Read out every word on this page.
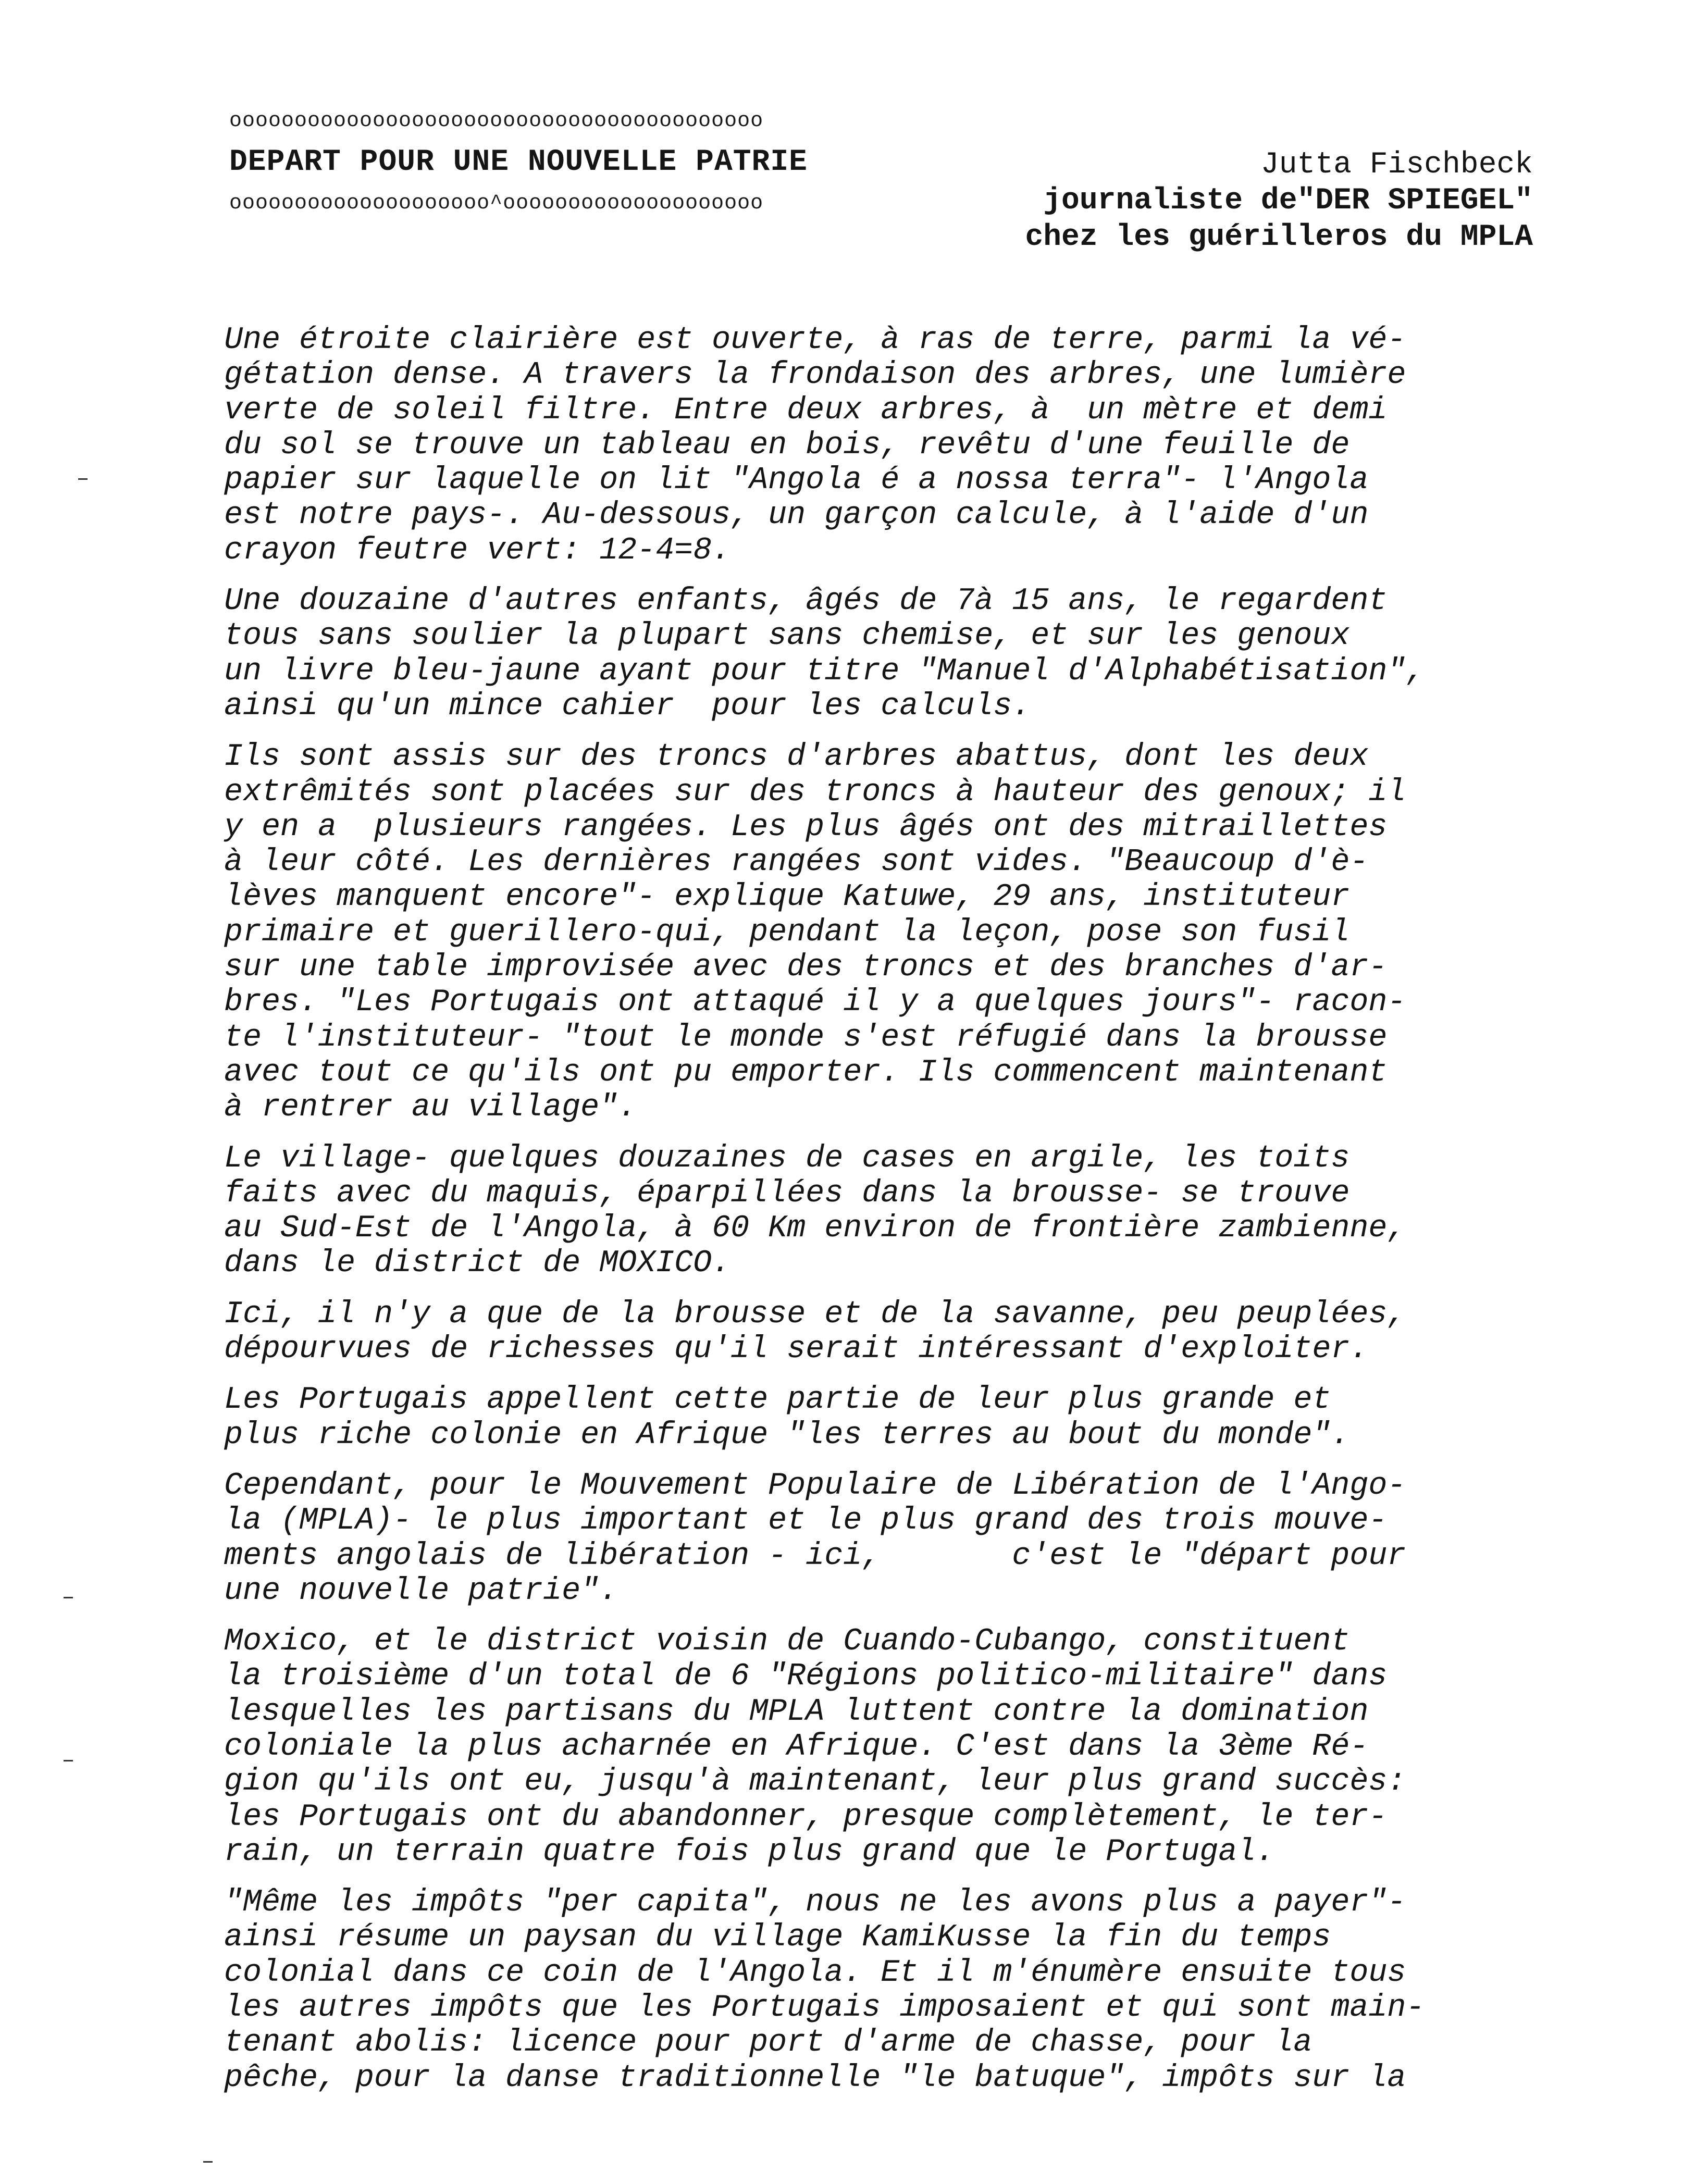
ooooooooooooooooooooooooooooooooooooooooo
DEPART POUR UNE NOUVELLE PATRIE
oooooooooooooooooooo^oooooooooooooooooooo
Jutta Fischbeck
journaliste de"DER SPIEGEL"
chez les guérilleros du MPLA
Une étroite clairière est ouverte, à ras de terre, parmi la vé-
gétation dense. A travers la frondaison des arbres, une lumière
verte de soleil filtre. Entre deux arbres, à  un mètre et demi
du sol se trouve un tableau en bois, revêtu d'une feuille de
papier sur laquelle on lit "Angola é a nossa terra"- l'Angola
est notre pays-. Au-dessous, un garçon calcule, à l'aide d'un
crayon feutre vert: 12-4=8.
Une douzaine d'autres enfants, âgés de 7à 15 ans, le regardent
tous sans soulier la plupart sans chemise, et sur les genoux
un livre bleu-jaune ayant pour titre "Manuel d'Alphabétisation",
ainsi qu'un mince cahier  pour les calculs.
Ils sont assis sur des troncs d'arbres abattus, dont les deux
extrêmités sont placées sur des troncs à hauteur des genoux; il
y en a  plusieurs rangées. Les plus âgés ont des mitraillettes
à leur côté. Les dernières rangées sont vides. "Beaucoup d'è-
lèves manquent encore"- explique Katuwe, 29 ans, instituteur
primaire et guerillero-qui, pendant la leçon, pose son fusil
sur une table improvisée avec des troncs et des branches d'ar-
bres. "Les Portugais ont attaqué il y a quelques jours"- racon-
te l'instituteur- "tout le monde s'est réfugié dans la brousse
avec tout ce qu'ils ont pu emporter. Ils commencent maintenant
à rentrer au village".
Le village- quelques douzaines de cases en argile, les toits
faits avec du maquis, éparpillées dans la brousse- se trouve
au Sud-Est de l'Angola, à 60 Km environ de frontière zambienne,
dans le district de MOXICO.
Ici, il n'y a que de la brousse et de la savanne, peu peuplées,
dépourvues de richesses qu'il serait intéressant d'exploiter.
Les Portugais appellent cette partie de leur plus grande et
plus riche colonie en Afrique "les terres au bout du monde".
Cependant, pour le Mouvement Populaire de Libération de l'Ango-
la (MPLA)- le plus important et le plus grand des trois mouve-
ments angolais de libération - ici,       c'est le "départ pour
une nouvelle patrie".
Moxico, et le district voisin de Cuando-Cubango, constituent
la troisième d'un total de 6 "Régions politico-militaire" dans
lesquelles les partisans du MPLA luttent contre la domination
coloniale la plus acharnée en Afrique. C'est dans la 3ème Ré-
gion qu'ils ont eu, jusqu'à maintenant, leur plus grand succès:
les Portugais ont du abandonner, presque complètement, le ter-
rain, un terrain quatre fois plus grand que le Portugal.
"Même les impôts "per capita", nous ne les avons plus a payer"-
ainsi résume un paysan du village KamiKusse la fin du temps
colonial dans ce coin de l'Angola. Et il m'énumère ensuite tous
les autres impôts que les Portugais imposaient et qui sont main-
tenant abolis: licence pour port d'arme de chasse, pour la
pêche, pour la danse traditionnelle "le batuque", impôts sur la
